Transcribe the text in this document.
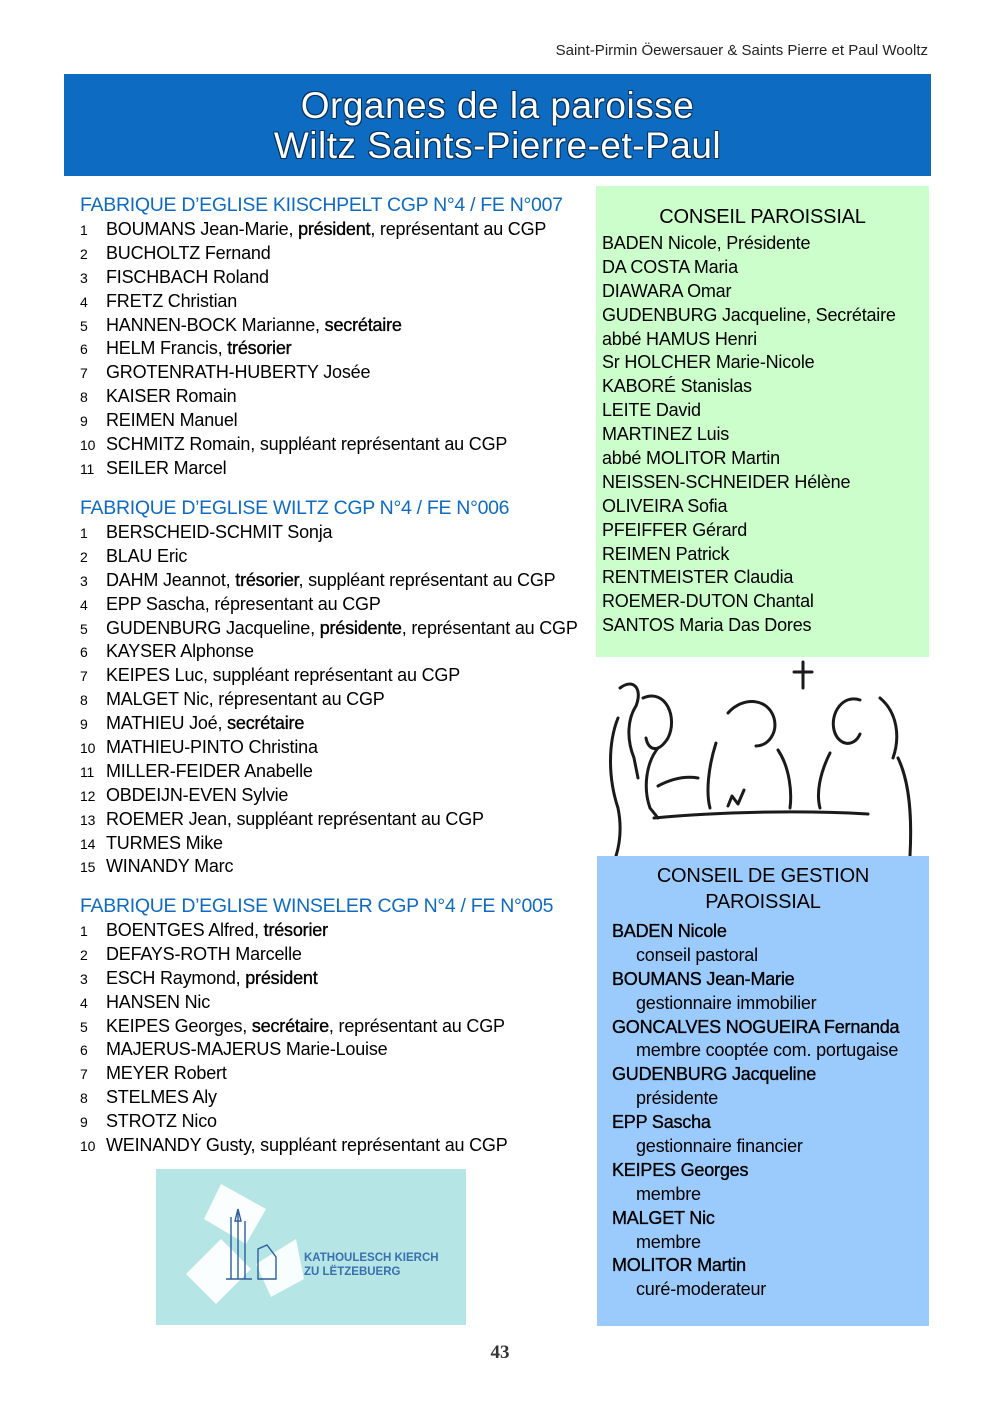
Saint-Pirmin Öewersauer & Saints Pierre et Paul Wooltz
Organes de la paroisse
Wiltz Saints-Pierre-et-Paul
FABRIQUE D’EGLISE KIISCHPELT CGP N°4 / FE N°007
1 BOUMANS Jean-Marie, président, représentant au CGP
2 BUCHOLTZ Fernand
3 FISCHBACH Roland
4 FRETZ Christian
5 HANNEN-BOCK Marianne, secrétaire
6 HELM Francis, trésorier
7 GROTENRATH-HUBERTY Josée
8 KAISER Romain
9 REIMEN Manuel
10 SCHMITZ Romain, suppléant représentant au CGP
11 SEILER Marcel
FABRIQUE D’EGLISE WILTZ CGP N°4 / FE N°006
1 BERSCHEID-SCHMIT Sonja
2 BLAU Eric
3 DAHM Jeannot, trésorier, suppléant représentant au CGP
4 EPP Sascha, répresentant au CGP
5 GUDENBURG Jacqueline, présidente, représentant au CGP
6 KAYSER Alphonse
7 KEIPES Luc, suppléant représentant au CGP
8 MALGET Nic, répresentant au CGP
9 MATHIEU Joé, secrétaire
10 MATHIEU-PINTO Christina
11 MILLER-FEIDER Anabelle
12 OBDEIJN-EVEN Sylvie
13 ROEMER Jean, suppléant représentant au CGP
14 TURMES Mike
15 WINANDY Marc
FABRIQUE D’EGLISE WINSELER CGP N°4 / FE N°005
1 BOENTGES Alfred, trésorier
2 DEFAYS-ROTH Marcelle
3 ESCH Raymond, président
4 HANSEN Nic
5 KEIPES Georges, secrétaire, représentant au CGP
6 MAJERUS-MAJERUS Marie-Louise
7 MEYER Robert
8 STELMES Aly
9 STROTZ Nico
10 WEINANDY Gusty, suppléant représentant au CGP
CONSEIL PAROISSIAL
BADEN Nicole, Présidente
DA COSTA Maria
DIAWARA Omar
GUDENBURG Jacqueline, Secrétaire
abbé HAMUS Henri
Sr HOLCHER Marie-Nicole
KABORÉ Stanislas
LEITE David
MARTINEZ Luis
abbé MOLITOR Martin
NEISSEN-SCHNEIDER Hélène
OLIVEIRA Sofia
PFEIFFER Gérard
REIMEN Patrick
RENTMEISTER Claudia
ROEMER-DUTON Chantal
SANTOS Maria Das Dores
CONSEIL DE GESTION
PAROISSIAL
BADEN Nicole
conseil pastoral
BOUMANS Jean-Marie
gestionnaire immobilier
GONCALVES NOGUEIRA Fernanda
membre cooptée com. portugaise
GUDENBURG Jacqueline
présidente
EPP Sascha
gestionnaire financier
KEIPES Georges
membre
MALGET Nic
membre
MOLITOR Martin
curé-moderateur
KATHOULESCH KIERCH
ZU LËTZEBUERG
43
